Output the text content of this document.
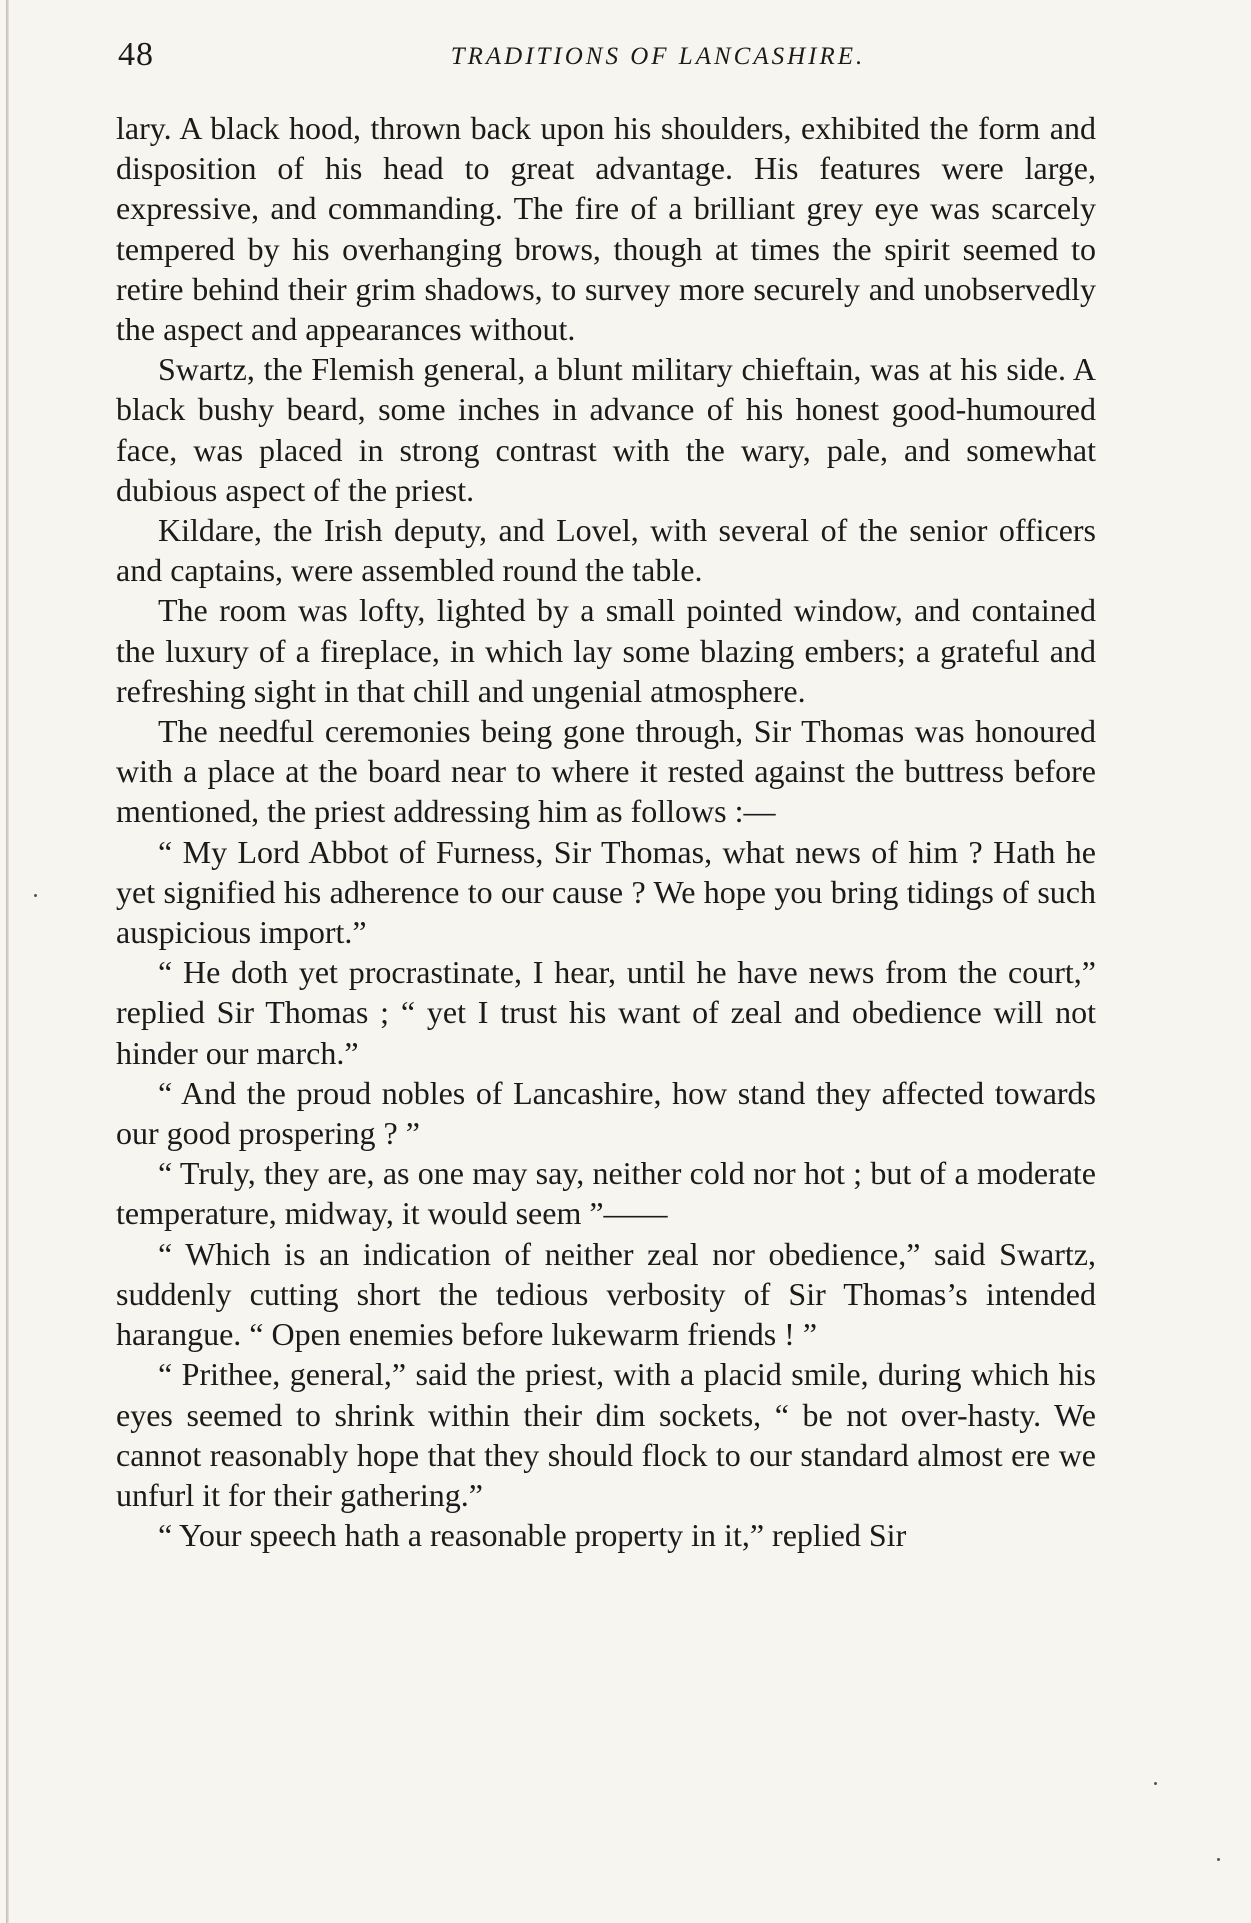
48	TRADITIONS OF LANCASHIRE.

lary. A black hood, thrown back upon his shoulders, exhibited the form and disposition of his head to great advantage. His features were large, expressive, and commanding. The fire of a brilliant grey eye was scarcely tempered by his overhanging brows, though at times the spirit seemed to retire behind their grim shadows, to survey more securely and unobservedly the aspect and appearances without.

Swartz, the Flemish general, a blunt military chieftain, was at his side. A black bushy beard, some inches in advance of his honest good-humoured face, was placed in strong contrast with the wary, pale, and somewhat dubious aspect of the priest.

Kildare, the Irish deputy, and Lovel, with several of the senior officers and captains, were assembled round the table.

The room was lofty, lighted by a small pointed window, and contained the luxury of a fireplace, in which lay some blazing embers; a grateful and refreshing sight in that chill and ungenial atmosphere.

The needful ceremonies being gone through, Sir Thomas was honoured with a place at the board near to where it rested against the buttress before mentioned, the priest addressing him as follows :—

“ My Lord Abbot of Furness, Sir Thomas, what news of him ? Hath he yet signified his adherence to our cause ? We hope you bring tidings of such auspicious import.”

“ He doth yet procrastinate, I hear, until he have news from the court,” replied Sir Thomas ; “ yet I trust his want of zeal and obedience will not hinder our march.”

“ And the proud nobles of Lancashire, how stand they affected towards our good prospering ? ”

“ Truly, they are, as one may say, neither cold nor hot ; but of a moderate temperature, midway, it would seem ”——

“ Which is an indication of neither zeal nor obedience,” said Swartz, suddenly cutting short the tedious verbosity of Sir Thomas’s intended harangue. “ Open enemies before lukewarm friends ! ”

“ Prithee, general,” said the priest, with a placid smile, during which his eyes seemed to shrink within their dim sockets, “ be not over-hasty. We cannot reasonably hope that they should flock to our standard almost ere we unfurl it for their gathering.”

“ Your speech hath a reasonable property in it,” replied Sir
